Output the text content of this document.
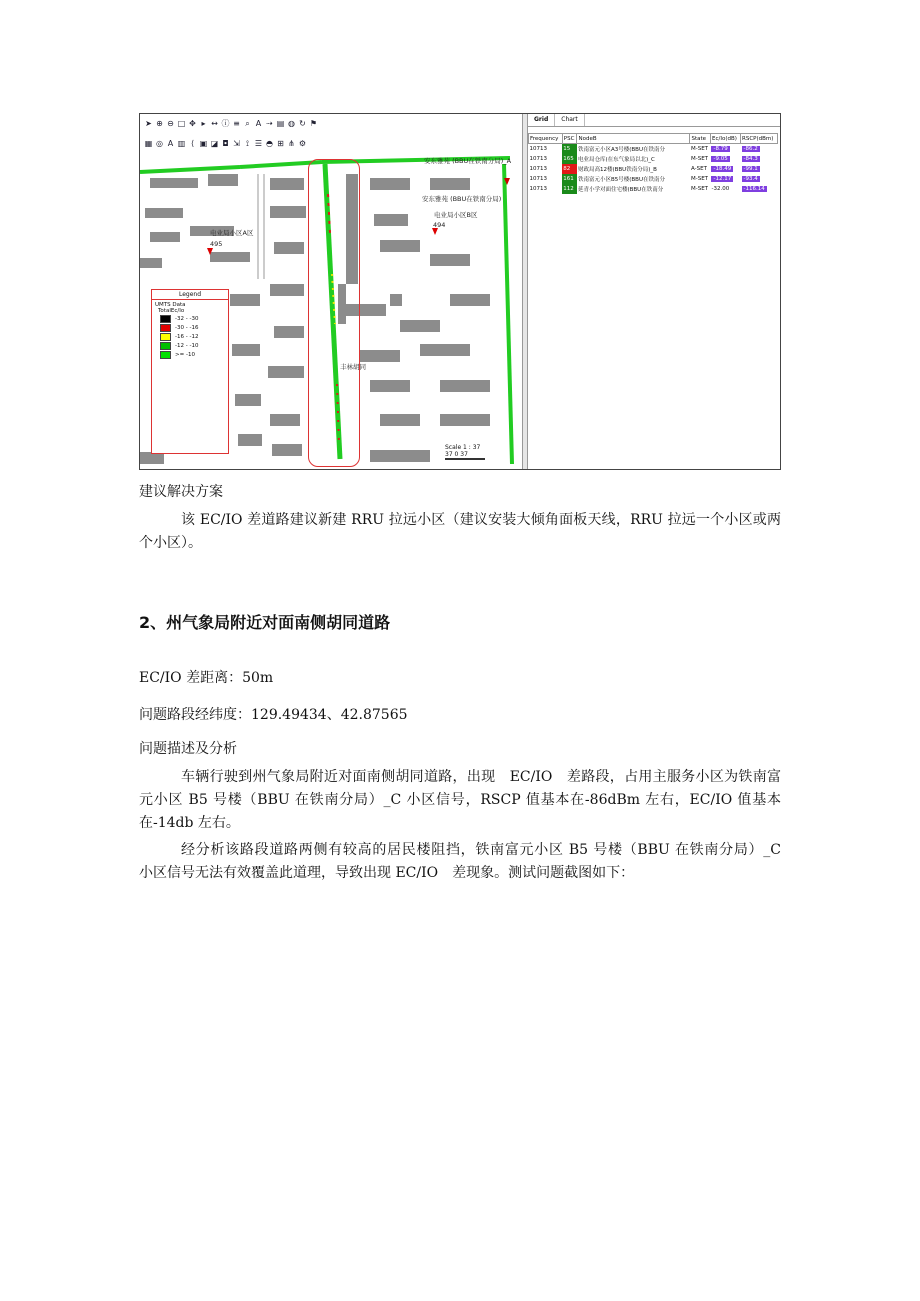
➤ ⊕ ⊖ □ ✥ ▸ ↔ ⓘ ≡ ⌕ A ⇢ ▤ ◍ ↻ ⚑
▦ ◎ A ▥ ⟨ ▣ ◪ ◘ ⇲ ⟟ ☰ ◓ ⊞ ⋔ ⚙
安东雅苑 (BBU在铁南分局)_A
安东雅苑 (BBU在铁南分局)
电业局小区B区
494
电业局小区A区
495
丰林胡同
Legend
UMTS Data
TotalEc/Io
-32 - -30
-30 - -16
-16 - -12
-12 - -10
>= -10
Scale 1 : 37
37 0 37
Grid	Chart
Frequency	PSC	NodeB	State	Ec/Io(dB)	RSCP(dBm)
10713	15	铁南富元小区A3号楼(BBU在铁南分	M-SET	-8.79	-86.2
10713	165	电业局仓库(在东气象局以北)_C	M-SET	-9.05	-84.3
10713	82	财政局高12楼(BBU铁南分局)_B	A-SET	-18.49	-99.1
10713	161	铁南富元小区B5号楼(BBU在铁南分	M-SET	-12.17	-93.4
10713	112	延青小学对面住宅楼(BBU在铁南分	M-SET	-32.00	-116.14
建议解决方案
该 EC/IO 差道路建议新建 RRU 拉远小区（建议安装大倾角面板天线，RRU 拉远一个小区或两个小区）。
2、州气象局附近对面南侧胡同道路
EC/IO 差距离：50m
问题路段经纬度：129.49434、42.87565
问题描述及分析
车辆行驶到州气象局附近对面南侧胡同道路，出现　EC/IO　差路段，占用主服务小区为铁南富元小区 B5 号楼（BBU 在铁南分局）_C 小区信号，RSCP 值基本在-86dBm 左右，EC/IO 值基本在-14db 左右。
经分析该路段道路两侧有较高的居民楼阻挡，铁南富元小区 B5 号楼（BBU 在铁南分局）_C　小区信号无法有效覆盖此道理，导致出现 EC/IO　差现象。测试问题截图如下：
